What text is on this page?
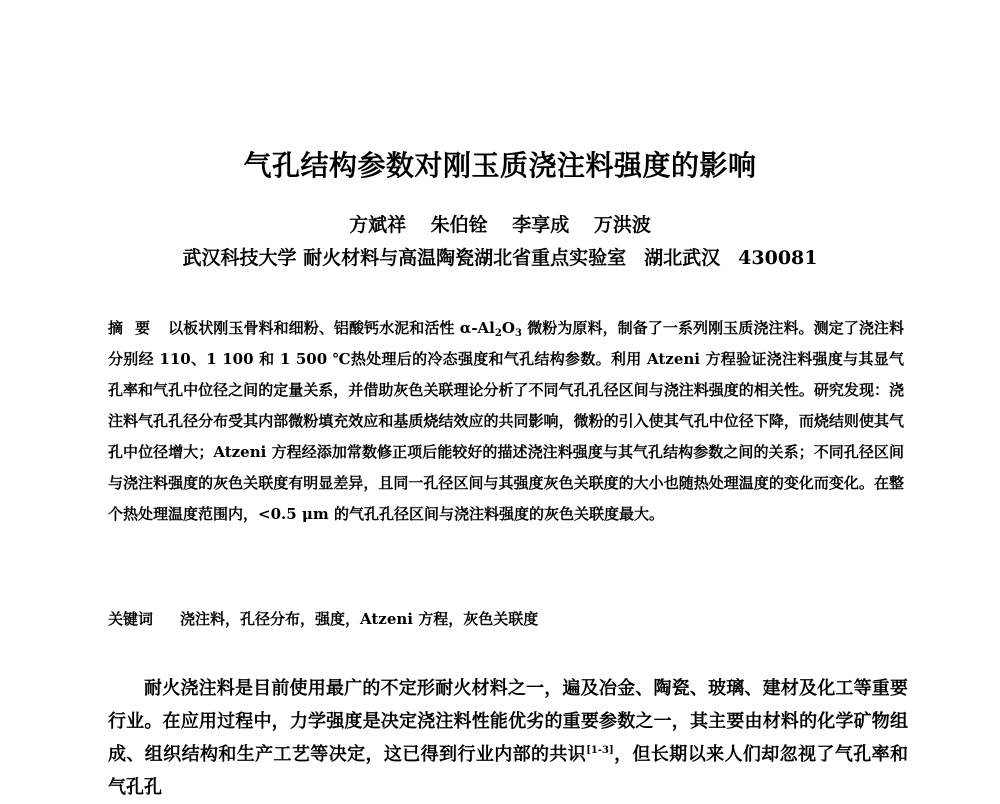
气孔结构参数对刚玉质浇注料强度的影响
方斌祥 朱伯铨 李享成 万洪波
武汉科技大学 耐火材料与高温陶瓷湖北省重点实验室 湖北武汉 430081
摘要 以板状刚玉骨料和细粉、铝酸钙水泥和活性 $\alpha-Al_2O_3$ 微粉为原料，制备了一系列刚玉质浇注料。测定了浇注料分别经 110、1 100 和 1 500 ℃热处理后的冷态强度和气孔结构参数。利用 Atzeni 方程验证浇注料强度与其显气孔率和气孔中位径之间的定量关系，并借助灰色关联理论分析了不同气孔孔径区间与浇注料强度的相关性。研究发现：浇注料气孔孔径分布受其内部微粉填充效应和基质烧结效应的共同影响，微粉的引入使其气孔中位径下降，而烧结则使其气孔中位径增大；Atzeni 方程经添加常数修正项后能较好的描述浇注料强度与其气孔结构参数之间的关系；不同孔径区间与浇注料强度的灰色关联度有明显差异，且同一孔径区间与其强度灰色关联度的大小也随热处理温度的变化而变化。在整个热处理温度范围内，<0.5 μm 的气孔孔径区间与浇注料强度的灰色关联度最大。
关键词 浇注料，孔径分布，强度，Atzeni 方程，灰色关联度
耐火浇注料是目前使用最广的不定形耐火材料之一，遍及冶金、陶瓷、玻璃、建材及化工等重要行业。在应用过程中，力学强度是决定浇注料性能优劣的重要参数之一，其主要由材料的化学矿物组成、组织结构和生产工艺等决定，这已得到行业内部的共识[1-3]，但长期以来人们却忽视了气孔率和气孔孔
